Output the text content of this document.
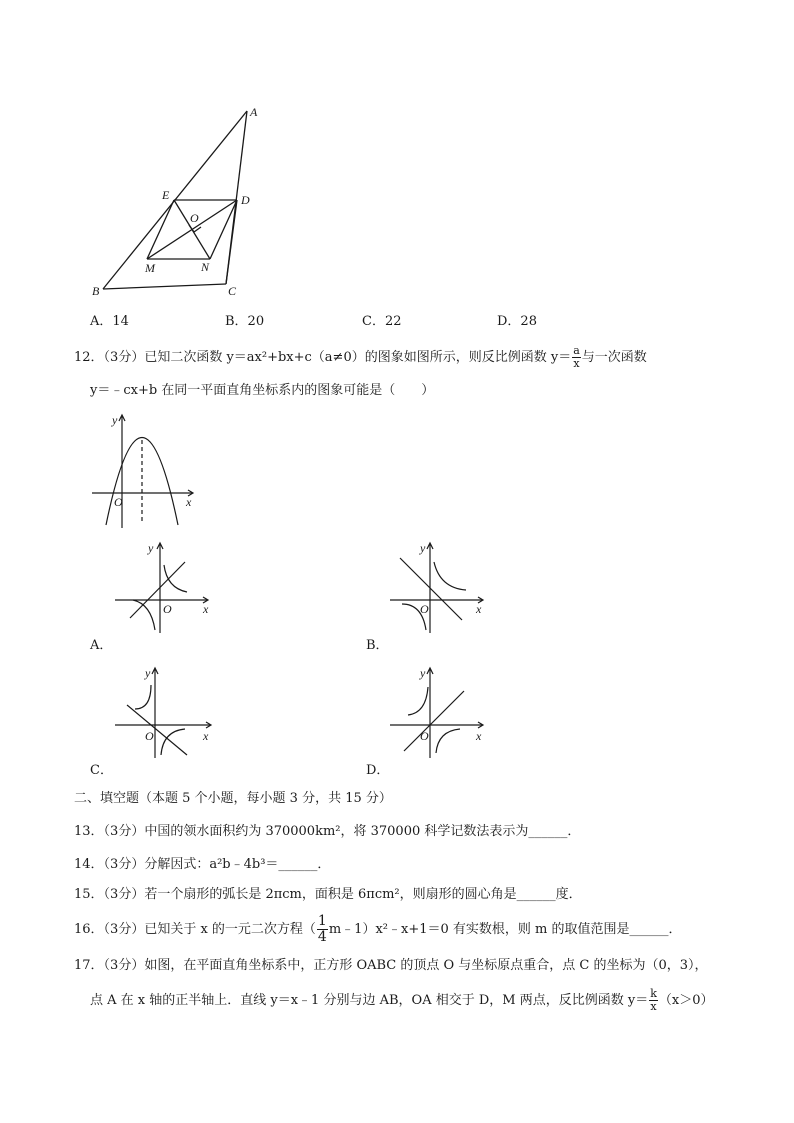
A
E	D
O
M	N
B	C
A．14	B．20	C．22	D．28
12．（3分）已知二次函数 y＝ax²+bx+c（a≠0）的图象如图所示，则反比例函数 $y= \frac{a}{x}$ 与一次函数
y＝﹣cx+b 在同一平面直角坐标系内的图象可能是（　　）
y
x
O
y
x
O
A．
y
x
O
B．
y
x
O
C．
y
x
O
D．
二、填空题（本题 5 个小题，每小题 3 分，共 15 分）
13．（3分）中国的领水面积约为 370000km²，将 370000 科学记数法表示为______．
14．（3分）分解因式：a²b﹣4b³＝______．
15．（3分）若一个扇形的弧长是 2πcm，面积是 6πcm²，则扇形的圆心角是______度．
16．（3分）已知关于 x 的一元二次方程（ $\frac{1}{4}$ m﹣1）x²﹣x+1＝0 有实数根，则 m 的取值范围是______．
17．（3分）如图，在平面直角坐标系中，正方形 OABC 的顶点 O 与坐标原点重合，点 C 的坐标为（0，3），
点 A 在 x 轴的正半轴上．直线 y＝x﹣1 分别与边 AB，OA 相交于 D，M 两点，反比例函数 $y= \frac{k}{x} (x>0)$
